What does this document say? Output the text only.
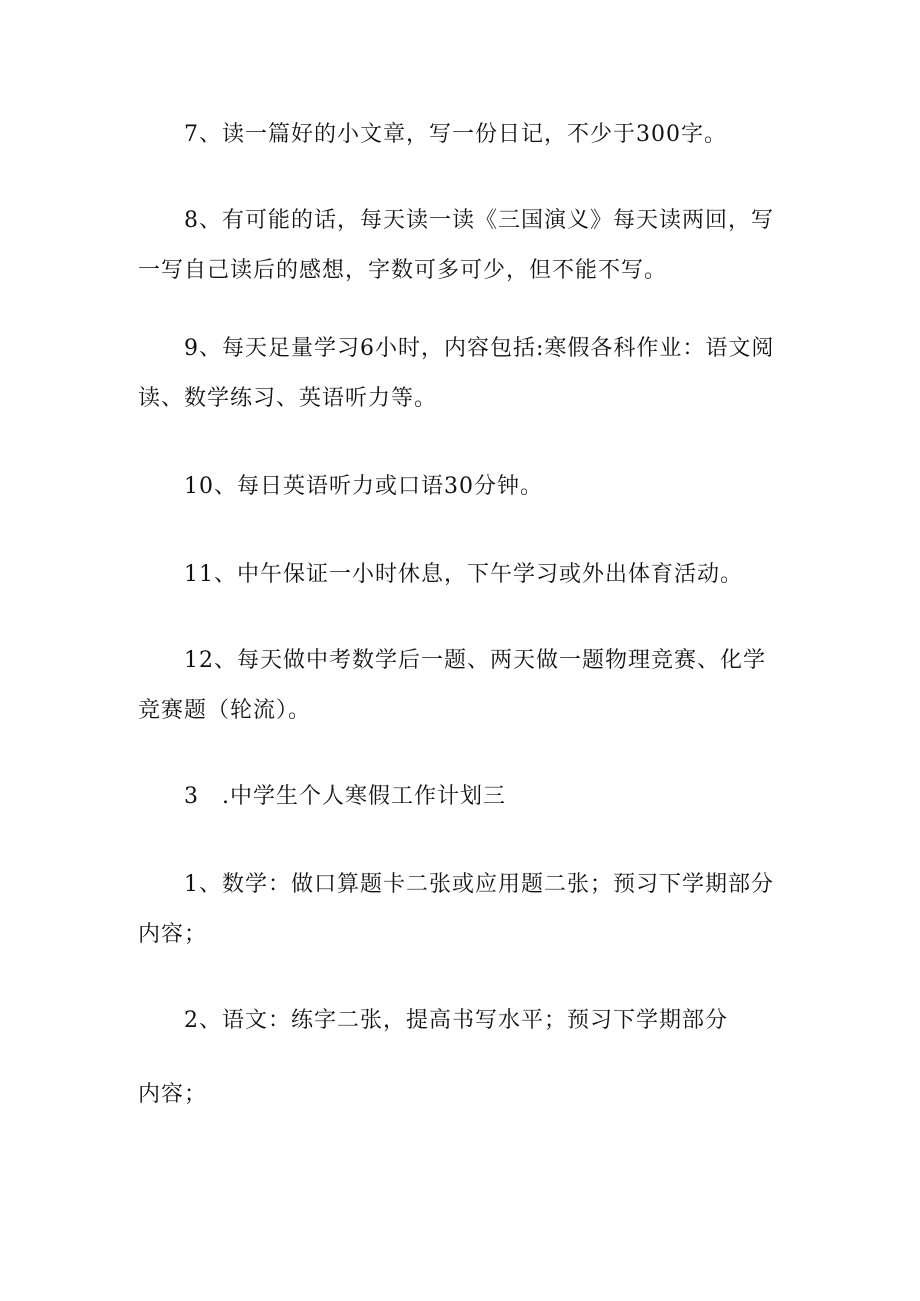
7、读一篇好的小文章，写一份日记，不少于300字。

8、有可能的话，每天读一读《三国演义》每天读两回，写一写自己读后的感想，字数可多可少，但不能不写。

9、每天足量学习6小时，内容包括:寒假各科作业：语文阅读、数学练习、英语听力等。

10、每日英语听力或口语30分钟。

11、中午保证一小时休息，下午学习或外出体育活动。

12、每天做中考数学后一题、两天做一题物理竞赛、化学竞赛题（轮流）。

3　.中学生个人寒假工作计划三

1、数学：做口算题卡二张或应用题二张；预习下学期部分内容；

2、语文：练字二张，提高书写水平；预习下学期部分

内容；
